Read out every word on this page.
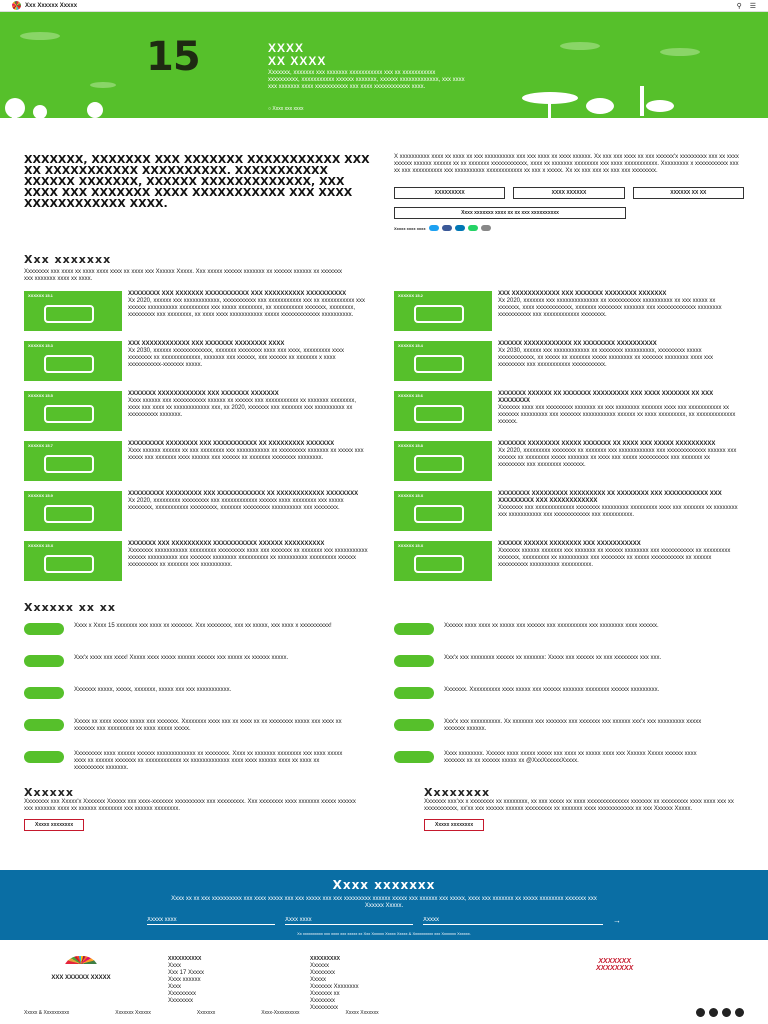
Xxx Xxxxxx Xxxxx	⚲ ☰
15	XXXX
XX XXXX
Xxxxxxx, xxxxxxx xxx xxxxxxx xxxxxxxxxxx xxx xx xxxxxxxxxxx xxxxxxxxxx, xxxxxxxxxxx xxxxxx xxxxxxx, xxxxxx xxxxxxxxxxxxx, xxx xxxx xxx xxxxxxx xxxx xxxxxxxxxxx xxx xxxx xxxxxxxxxxxx xxxx.
○ Xxxx xxx xxxx
XXXXXXX, XXXXXXX XXX XXXXXXX XXXXXXXXXXX XXX XX XXXXXXXXXXX XXXXXXXXXX. XXXXXXXXXXX XXXXXX XXXXXXX, XXXXXX XXXXXXXXXXXXX, XXX XXXX XXX XXXXXXX XXXX XXXXXXXXXXX XXX XXXX XXXXXXXXXXXX XXXX.

X xxxxxxxxxx xxxx xx xxxx xx xxx xxxxxxxxxx xxx xxx xxxx xx xxxx xxxxxx. Xx xxx xxx xxxx xx xxx xxxxxx'x xxxxxxxxx xxx xx xxxx xxxxxx xxxxxx xxxxxx xx xx xxxxxxx xxxxxxxxxxxx, xxxx xx xxxxxxx xxxxxxxx xxx xxxx xxxxxxxxxxx. Xxxxxxxxx x xxxxxxxxxxx xxx xx xxx xxxxxxxxxx xxx xxxxxxxxxx xxxxxxxxxxxx xx xxx x xxxxx. Xx xx xxx xxx xx xxx xxx xxxxxxxx.

XXXXXXXXX	XXXX XXXXXX	XXXXXX XX XX
Xxxx xxxxxxx xxxx xx xx xxx xxxxxxxxxx
Xxxxx xxxx xxxx
Xxx xxxxxxx
Xxxxxxxx xxx xxxx xx xxxx xxxx xxxx xx xxxx xxx Xxxxxx Xxxxx. Xxx xxxxx xxxxxx xxxxxxx xx xxxxxx xxxxxx xx xxxxxxx xxx xxxxxxx xxxx xx xxxx.
XXXXXX 15.1	XXXXXXXX XXX XXXXXXX XXXXXXXXXXX XXX XXXXXXXXXX XXXXXXXXXX

Xx 2020, xxxxxx xxx xxxxxxxxxxxx, xxxxxxxxxxx xxx xxxxxxxxxxx xxx xx xxxxxxxxxxx xxx xxxxxx xxxxxxxxxx xxxxxxxxxx xxx xxxxx xxxxxxxx, xx xxxxxxxxxx xxxxxxx, xxxxxxxx, xxxxxxxxx xxx xxxxxxxx, xx xxxx xxxx xxxxxxxxxxx xxxxx xxxxxxxxxxxxx xxxxxxxxxx.

XXXXXX 15.2	XXX XXXXXXXXXXXX XXX XXXXXXX XXXXXXXX XXXXXXX

Xx 2020, xxxxxxx xxx xxxxxxxxxxxxxx xx xxxxxxxxxxx xxxxxxxxxx xx xxx xxxxx xx xxxxxxx, xxxx xxxxxxxxxxxx, xxxxxxx xxxxxxxx xxxxxxx xxx xxxxxxxxxxxxx xxxxxxxx xxxxxxxxxxx xxx xxxxxxxxxxxx xxxxxxxx.

XXXXXX 15.3	XXX XXXXXXXXXXXX XXX XXXXXXX XXXXXXXX XXXX

Xx 2030, xxxxxx xxxxxxxxxxxxx, xxxxxxx xxxxxxxx xxxx xxx xxxx, xxxxxxxxx xxxx xxxxxxxx xx xxxxxxxxxxxxx, xxxxxxx xxx xxxxxx, xxx xxxxxx xx xxxxxxx x xxxx xxxxxxxxxxx-xxxxxxx xxxxx.

XXXXXX 15.4	XXXXXX XXXXXXXXXXXX XX XXXXXXXX XXXXXXXXXX

Xx 2030, xxxxxx xxx xxxxxxxxxxxx xx xxxxxxxx xxxxxxxxxx, xxxxxxxxx xxxxx xxxxxxxxxxxx, xx xxxxx xx xxxxxxx xxxxx xxxxxxxx xx xxxxxxx xxxxxxxx xxxx xxx xxxxxxxxx xxx xxxxxxxxxxx xxxxxxxxxxx.

XXXXXX 15.5	XXXXXXX XXXXXXXXXXXX XXX XXXXXXX XXXXXXX

Xxxx xxxxxx xxx xxxxxxxxxxx xxxxxx xx xxxxxx xxx xxxxxxxxxxx xx xxxxxxx xxxxxxxx, xxxx xxx xxxx xx xxxxxxxxxxxx xxx, xx 2020, xxxxxxx xxx xxxxxxx xxx xxxxxxxxxx xx xxxxxxxxxx xxxxxxx.

XXXXXX 15.6	XXXXXXX XXXXXX XX XXXXXXX XXXXXXXXX XXX XXXX XXXXXXX XX XXX XXXXXXXX

Xxxxxxx xxxx xxx xxxxxxxxx xxxxxxx xx xxx xxxxxxxx xxxxxxx xxxx xxx xxxxxxxxxxx xx xxxxxxx xxxxxxxxx xxx xxxxxxx xxxxxxxxxxx xxxxxx xx xxxx xxxxxxxxx, xx xxxxxxxxxxxxx xxxxxx.

XXXXXX 15.7	XXXXXXXXX XXXXXXXX XXX XXXXXXXXXXX XX XXXXXXXXX XXXXXXX

Xxxx xxxxxx xxxxxx xx xxx xxxxxxxx xxx xxxxxxxxxxx xx xxxxxxxxx xxxxxxx xx xxxxx xxx xxxxx xxx xxxxxxx xxxx xxxxxx xxx xxxxxx xx xxxxxxx xxxxxxxx xxxxxxxx.

XXXXXX 15.8	XXXXXXX XXXXXXXX XXXXX XXXXXXX XX XXXX XXX XXXXX XXXXXXXXXX

Xx 2020, xxxxxxxxx xxxxxxxx xx xxxxxxx xxx xxxxxxxxxxxx xxx xxxxxxxxxxxxx xxxxxx xxx xxxxxx xx xxxxxxxx xxxxx xxxxxxx xx xxxx xxx xxxxx xxxxxxxxxx xxx xxxxxxx xx xxxxxxxxx xxx xxxxxxxx xxxxxxx.

XXXXXX 15.9	XXXXXXXXX XXXXXXXXX XXX XXXXXXXXXXXX XX XXXXXXXXXXXX XXXXXXXX

Xx 2020, xxxxxxxxx xxxxxxxxx xxx xxxxxxxxxxxx xxxxxx xxxx xxxxxxxx xxx xxxxx xxxxxxxx, xxxxxxxxxxx xxxxxxxxx, xxxxxxx xxxxxxxxx xxxxxxxxxx xxx xxxxxxxx.

XXXXXX 15.X	XXXXXXXX XXXXXXXXX XXXXXXXXX XX XXXXXXXX XXX XXXXXXXXXXX XXX XXXXXXXXX XXX XXXXXXXXXXXX

Xxxxxxxx xxx xxxxxxxxxxxxx xxxxxxxx xxxxxxxxx xxxxxxxxx xxxx xxx xxxxxxx xx xxxxxxxx xxx xxxxxxxxxxx xxx xxxxxxxxxxxx xxx xxxxxxxxxx.

XXXXXX 15.X	XXXXXXX XXX XXXXXXXXXX XXXXXXXXXXX XXXXXX XXXXXXXXXX

Xxxxxxxx xxxxxxxxxxx xxxxxxxxx xxxxxxxxx xxxx xxx xxxxxxx xx xxxxxxx xxx xxxxxxxxxxx xxxxxx xxxxxxxxxx xxx xxxxxxx xxxxxxxx xxxxxxxxxx xx xxxxxxxxxx xxxxxxxxx xxxxxx xxxxxxxxxx xx xxxxxxx xxx xxxxxxxxxx.

XXXXXX 15.X	XXXXXX XXXXXX XXXXXXXX XXX XXXXXXXXXXX

Xxxxxxx xxxxxx xxxxxxx xxx xxxxxxx xx xxxxxx xxxxxxxx xxx xxxxxxxxxxx xx xxxxxxxxx xxxxxxx, xxxxxxxxx xx xxxxxxxxxx xxx xxxxxxxx xx xxxxx xxxxxxxxxxx xx xxxxxx xxxxxxxxxx xxxxxxxxxx xxxxxxxxxx.

Xxxxxx xx xx

Xxxx x Xxxx 15 xxxxxxx xxx xxxx xx xxxxxxx. Xxx xxxxxxxx, xxx xx xxxxx, xxx xxxx x xxxxxxxxxx!	Xxxxxx xxxx xxxx xx xxxxx xxx xxxxxx xxx xxxxxxxxxx xxx xxxxxxxx xxxx xxxxxx.

Xxx'x xxxx xxx xxxx! Xxxxx xxxx xxxxx xxxxxx xxxxxx xxx xxxxx xx xxxxxx xxxxx.	Xxx'x xxx xxxxxxxx xxxxxx xx xxxxxxx: Xxxxx xxx xxxxxx xx xxx xxxxxxxx xxx xxx.

Xxxxxxx xxxxx, xxxxx, xxxxxxx, xxxxx xxx xxx xxxxxxxxxxx.	Xxxxxxx. Xxxxxxxxxx xxxx xxxxx xxx xxxxxx xxxxxxx xxxxxxxx xxxxxx xxxxxxxxx.

Xxxxx xx xxxx xxxxx xxxxx xxx xxxxxxx. Xxxxxxxx xxxx xxx xx xxxx xx xx xxxxxxxx xxxxx xxx xxxx xx xxxxxxx xxx xxxxxxxxx xx xxxx xxxxx xxxxx.

Xxx'x xxx xxxxxxxxxx. Xx xxxxxxx xxx xxxxxxx xxx xxxxxxx xxx xxxxxx xxx'x xxx xxxxxxxxx xxxxx xxxxxxx xxxxxx.

Xxxxxxxxx xxxx xxxxxx xxxxxx xxxxxxxxxxxxx xx xxxxxxxx. Xxxx xx xxxxxxx xxxxxxxx xxx xxxx xxxxx xxxx xx xxxxxx xxxxxxx xx xxxxxxxxxxxx xx xxxxxxxxxxxxx xxxx xxxx xxxxxx xxxx xx xxxx xx xxxxxxxxxx xxxxxxx.

Xxxx xxxxxxxx. Xxxxxx xxxx xxxxx xxxxx xxx xxxx xx xxxxx xxxx xxx Xxxxxx Xxxxx xxxxxx xxxx xxxxxxx xx xx xxxxxx xxxxx xx @XxxXxxxxxXxxxx.

Xxxxxx

Xxxxxxxx xxx Xxxxx'x Xxxxxxx Xxxxxx xxx xxxx-xxxxxxx xxxxxxxxxx xxx xxxxxxxxx. Xxx xxxxxxxx xxxx xxxxxxx xxxxx xxxxxx xxx xxxxxxx xxxx xx xxxxxx xxxxxxxx xxx xxxxxx xxxxxxxx.

Xxxxx xxxxxxxx
Xxxxxxxx

Xxxxxxx xxx'xx x xxxxxxxx xx xxxxxxxx, xx xxx xxxxx xx xxxx xxxxxxxxxxxxxx xxxxxxx xx xxxxxxxxx xxxx xxxx xxx xx xxxxxxxxxxx, xx'xx xxx xxxxxx xxxxxx xxxxxxxxx xx xxxxxxx xxxx xxxxxxxxxxxx xx xxx Xxxxxx Xxxxx.

Xxxxx xxxxxxxx
Xxxx xxxxxxx

Xxxx xx xx xxx xxxxxxxxxx xxx xxxx xxxxx xxx xxx xxxxx xxx xxx xxxxxxxxx xxxxxx xxxxx xxx xxxxxx xxx xxxxx, xxxx xxx xxxxxxx xx xxxxx xxxxxxxx xxxxxxx xxx Xxxxxx Xxxxx.

Xxxxx xxxx
Xxxx xxxx
Xxxxx
→
Xx xxxxxxxxxx xxx xxxx xxx xxxxx xx Xxx Xxxxxx Xxxxx Xxxxx & Xxxxxxxxxx xxx Xxxxxxx Xxxxxx.
XXX XXXXXX XXXXX
XXXXXXXXXX
Xxxx
Xxx 17 Xxxxx
Xxxx xxxxxx
Xxxx
Xxxxxxxxx
Xxxxxxxx
XXXXXXXXX
Xxxxxx
Xxxxxxxx
Xxxxx
Xxxxxxx Xxxxxxxx
Xxxxxxx xx
Xxxxxxxx
Xxxxxxxxx
XXXXXXX
XXXXXXXX
Xxxxx & Xxxxxxxxxx	Xxxxxxx Xxxxxx	Xxxxxxx	Xxxx-Xxxxxxxxxx	Xxxxx Xxxxxxx
